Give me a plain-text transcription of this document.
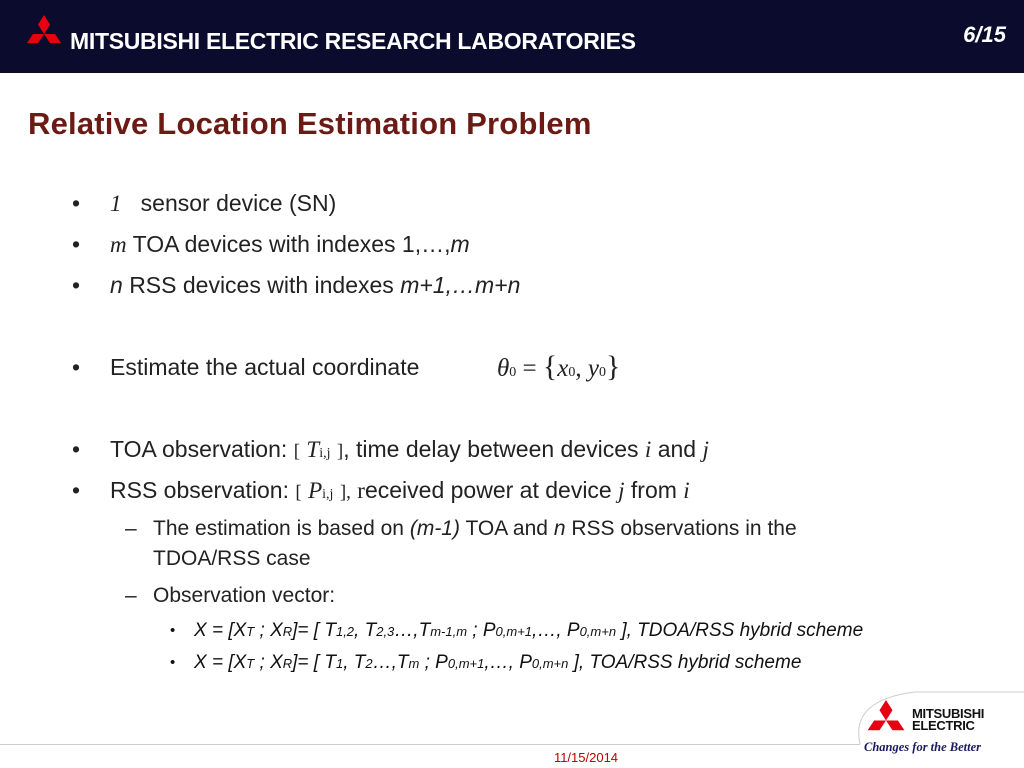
MITSUBISHI ELECTRIC RESEARCH LABORATORIES	6/15
Relative Location Estimation Problem
• 1 sensor device (SN)
• m TOA devices with indexes 1,…,m
• n RSS devices with indexes m+1,…m+n
• Estimate the actual coordinate	θ0 = {x0, y0}
• TOA observation: [ Ti,j ], time delay between devices i and j
• RSS observation: [ Pi,j ], received power at device j from i
– The estimation is based on (m-1) TOA and n RSS observations in the
TDOA/RSS case
– Observation vector:
• X = [XT ; XR]= [ T1,2, T2,3…,Tm-1,m ; P0,m+1,…, P0,m+n ], TDOA/RSS hybrid scheme
• X = [XT ; XR]= [ T1, T2…,Tm ; P0,m+1,…, P0,m+n ], TOA/RSS hybrid scheme
11/15/2014
MITSUBISHI
ELECTRIC
Changes for the Better
